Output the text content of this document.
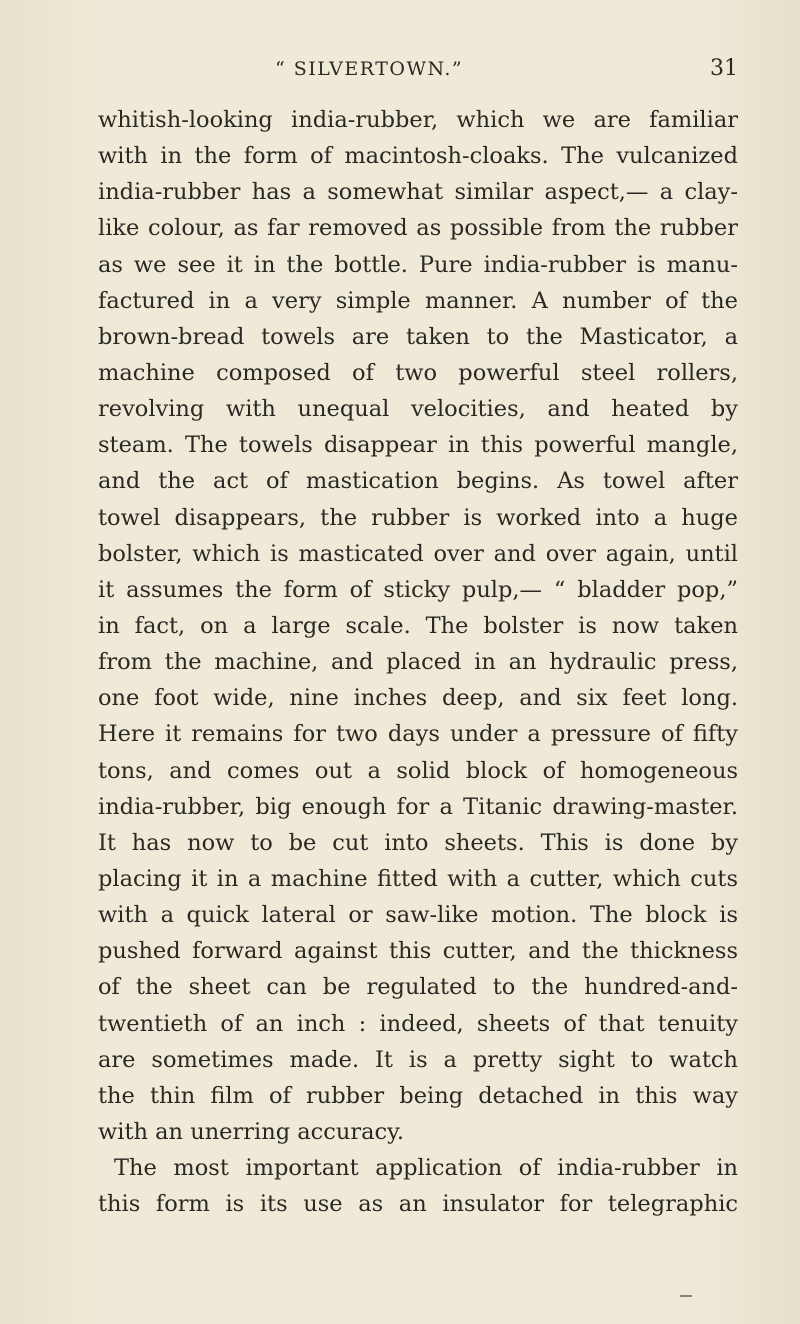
“ SILVERTOWN.”	31
whitish-looking india-rubber, which we are familiar
with in the form of macintosh-cloaks. The vulcanized
india-rubber has a somewhat similar aspect,— a clay-
like colour, as far removed as possible from the rubber
as we see it in the bottle. Pure india-rubber is manu-
factured in a very simple manner. A number of the
brown-bread towels are taken to the Masticator, a
machine composed of two powerful steel rollers,
revolving with unequal velocities, and heated by
steam. The towels disappear in this powerful mangle,
and the act of mastication begins. As towel after
towel disappears, the rubber is worked into a huge
bolster, which is masticated over and over again, until
it assumes the form of sticky pulp,— “ bladder pop,”
in fact, on a large scale. The bolster is now taken
from the machine, and placed in an hydraulic press,
one foot wide, nine inches deep, and six feet long.
Here it remains for two days under a pressure of fifty
tons, and comes out a solid block of homogeneous
india-rubber, big enough for a Titanic drawing-master.
It has now to be cut into sheets. This is done by
placing it in a machine fitted with a cutter, which cuts
with a quick lateral or saw-like motion. The block is
pushed forward against this cutter, and the thickness
of the sheet can be regulated to the hundred-and-
twentieth of an inch : indeed, sheets of that tenuity
are sometimes made. It is a pretty sight to watch
the thin film of rubber being detached in this way
with an unerring accuracy.
The most important application of india-rubber in
this form is its use as an insulator for telegraphic
